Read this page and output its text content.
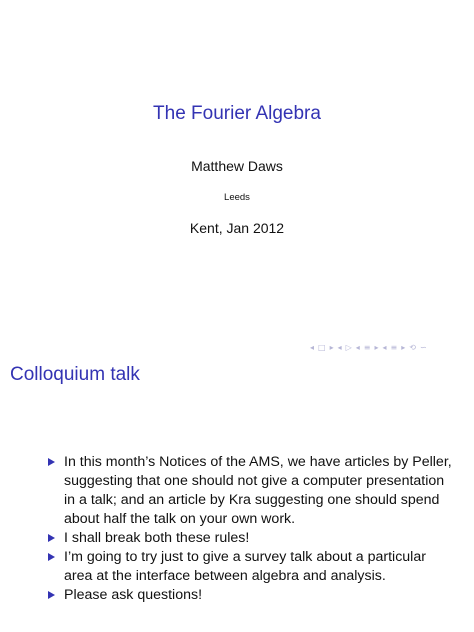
The Fourier Algebra
Matthew Daws
Leeds
Kent, Jan 2012
◂ □ ▸ ◂ ▷ ◂ ≡ ▸ ◂ ≡ ▸ ⟲ ∽
Colloquium talk
In this month’s Notices of the AMS, we have articles by Peller, suggesting that one should not give a computer presentation in a talk; and an article by Kra suggesting one should spend about half the talk on your own work.
I shall break both these rules!
I’m going to try just to give a survey talk about a particular area at the interface between algebra and analysis.
Please ask questions!
